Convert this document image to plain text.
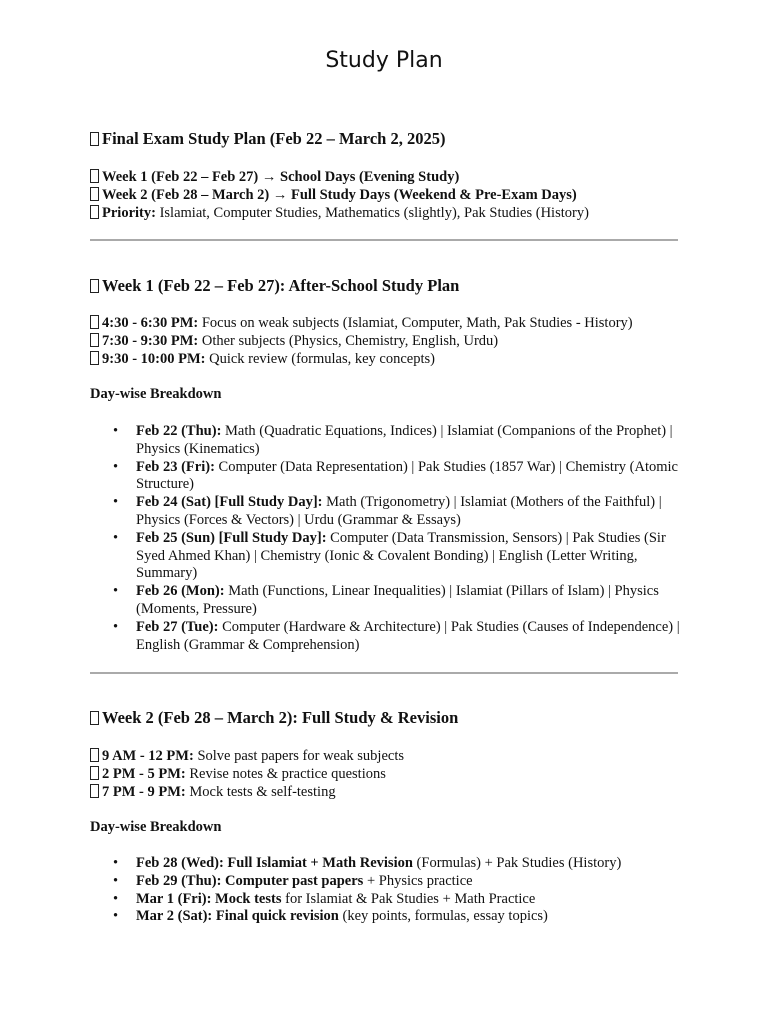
Study Plan
Final Exam Study Plan (Feb 22 – March 2, 2025)
Week 1 (Feb 22 – Feb 27) → School Days (Evening Study)
Week 2 (Feb 28 – March 2) → Full Study Days (Weekend & Pre-Exam Days)
Priority: Islamiat, Computer Studies, Mathematics (slightly), Pak Studies (History)
Week 1 (Feb 22 – Feb 27): After-School Study Plan
4:30 - 6:30 PM: Focus on weak subjects (Islamiat, Computer, Math, Pak Studies - History)
7:30 - 9:30 PM: Other subjects (Physics, Chemistry, English, Urdu)
9:30 - 10:00 PM: Quick review (formulas, key concepts)
Day-wise Breakdown
• Feb 22 (Thu): Math (Quadratic Equations, Indices) | Islamiat (Companions of the Prophet) | Physics (Kinematics)
• Feb 23 (Fri): Computer (Data Representation) | Pak Studies (1857 War) | Chemistry (Atomic Structure)
• Feb 24 (Sat) [Full Study Day]: Math (Trigonometry) | Islamiat (Mothers of the Faithful) | Physics (Forces & Vectors) | Urdu (Grammar & Essays)
• Feb 25 (Sun) [Full Study Day]: Computer (Data Transmission, Sensors) | Pak Studies (Sir Syed Ahmed Khan) | Chemistry (Ionic & Covalent Bonding) | English (Letter Writing, Summary)
• Feb 26 (Mon): Math (Functions, Linear Inequalities) | Islamiat (Pillars of Islam) | Physics (Moments, Pressure)
• Feb 27 (Tue): Computer (Hardware & Architecture) | Pak Studies (Causes of Independence) | English (Grammar & Comprehension)
Week 2 (Feb 28 – March 2): Full Study & Revision
9 AM - 12 PM: Solve past papers for weak subjects
2 PM - 5 PM: Revise notes & practice questions
7 PM - 9 PM: Mock tests & self-testing
Day-wise Breakdown
• Feb 28 (Wed): Full Islamiat + Math Revision (Formulas) + Pak Studies (History)
• Feb 29 (Thu): Computer past papers + Physics practice
• Mar 1 (Fri): Mock tests for Islamiat & Pak Studies + Math Practice
• Mar 2 (Sat): Final quick revision (key points, formulas, essay topics)
